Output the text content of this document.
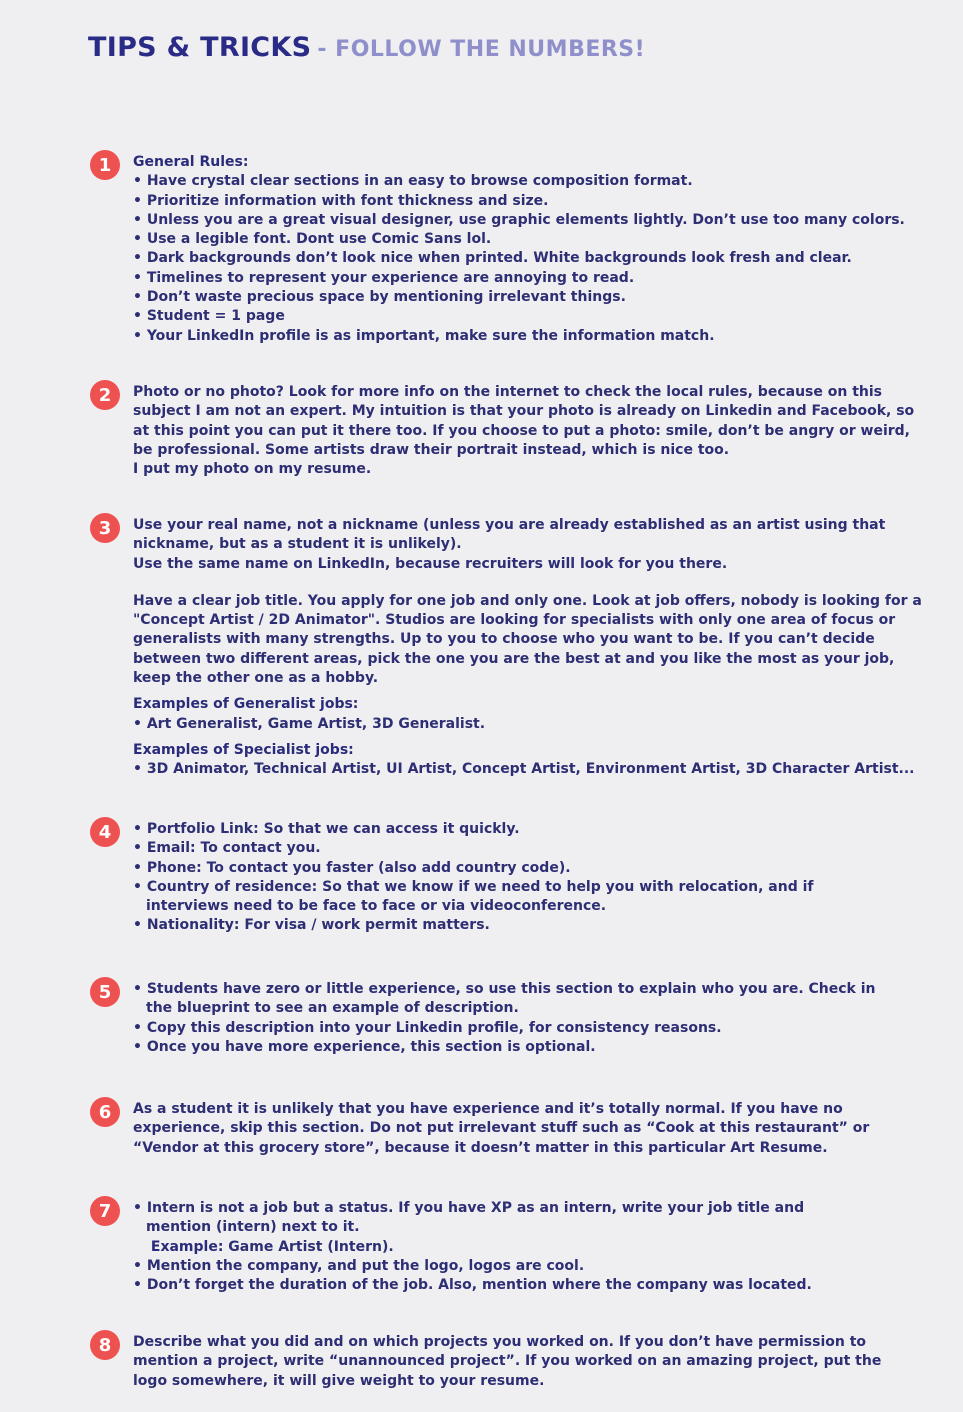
TIPS & TRICKS - FOLLOW THE NUMBERS!
1	General Rules:

• Have crystal clear sections in an easy to browse composition format.

• Prioritize information with font thickness and size.

• Unless you are a great visual designer, use graphic elements lightly. Don’t use too many colors.

• Use a legible font. Dont use Comic Sans lol.

• Dark backgrounds don’t look nice when printed. White backgrounds look fresh and clear.

• Timelines to represent your experience are annoying to read.

• Don’t waste precious space by mentioning irrelevant things.

• Student = 1 page

• Your LinkedIn profile is as important, make sure the information match.

2	Photo or no photo? Look for more info on the internet to check the local rules, because on this

subject I am not an expert. My intuition is that your photo is already on Linkedin and Facebook, so

at this point you can put it there too. If you choose to put a photo: smile, don’t be angry or weird,

be professional. Some artists draw their portrait instead, which is nice too.

I put my photo on my resume.

3	Use your real name, not a nickname (unless you are already established as an artist using that

nickname, but as a student it is unlikely).

Use the same name on LinkedIn, because recruiters will look for you there.

Have a clear job title. You apply for one job and only one. Look at job offers, nobody is looking for a

"Concept Artist / 2D Animator". Studios are looking for specialists with only one area of focus or

generalists with many strengths. Up to you to choose who you want to be. If you can’t decide

between two different areas, pick the one you are the best at and you like the most as your job,

keep the other one as a hobby.

Examples of Generalist jobs:

• Art Generalist, Game Artist, 3D Generalist.

Examples of Specialist jobs:

• 3D Animator, Technical Artist, UI Artist, Concept Artist, Environment Artist, 3D Character Artist...

4	• Portfolio Link: So that we can access it quickly.

• Email: To contact you.

• Phone: To contact you faster (also add country code).

• Country of residence: So that we know if we need to help you with relocation, and if interviews need to be face to face or via videoconference.

• Nationality: For visa / work permit matters.

5	• Students have zero or little experience, so use this section to explain who you are. Check in the blueprint to see an example of description.

• Copy this description into your Linkedin profile, for consistency reasons.

• Once you have more experience, this section is optional.

6	As a student it is unlikely that you have experience and it’s totally normal. If you have no

experience, skip this section. Do not put irrelevant stuff such as “Cook at this restaurant” or

“Vendor at this grocery store”, because it doesn’t matter in this particular Art Resume.

7	• Intern is not a job but a status. If you have XP as an intern, write your job title and mention (intern) next to it.

Example: Game Artist (Intern).

• Mention the company, and put the logo, logos are cool.

• Don’t forget the duration of the job. Also, mention where the company was located.

8	Describe what you did and on which projects you worked on. If you don’t have permission to

mention a project, write “unannounced project”. If you worked on an amazing project, put the

logo somewhere, it will give weight to your resume.
